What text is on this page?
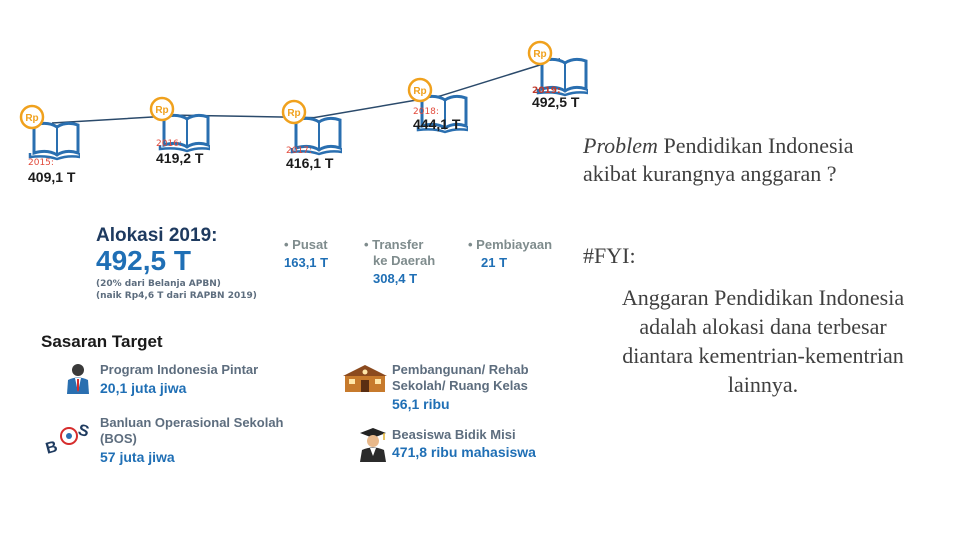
Rp
Rp	Rp
Rp
Rp
2015:
409,1 T
2016:
419,2 T	2017:
416,1 T
2018:
444,1 T
2019:
492,5 T
Alokasi 2019:
492,5 T
(20% dari Belanja APBN)
(naik Rp4,6 T dari RAPBN 2019)
• Pusat
163,1 T
• Transfer
ke Daerah
308,4 T
• Pembiayaan
21 T
Sasaran Target
Program Indonesia Pintar
20,1 juta jiwa
Pembangunan/ Rehab
Sekolah/ Ruang Kelas
56,1 ribu
B
S Banluan Operasional Sekolah
(BOS)
57 juta jiwa
Beasiswa Bidik Misi
471,8 ribu mahasiswa
Problem Pendidikan Indonesia
akibat kurangnya anggaran ?
#FYI:
Anggaran Pendidikan Indonesia
adalah alokasi dana terbesar
diantara kementrian-kementrian
lainnya.
